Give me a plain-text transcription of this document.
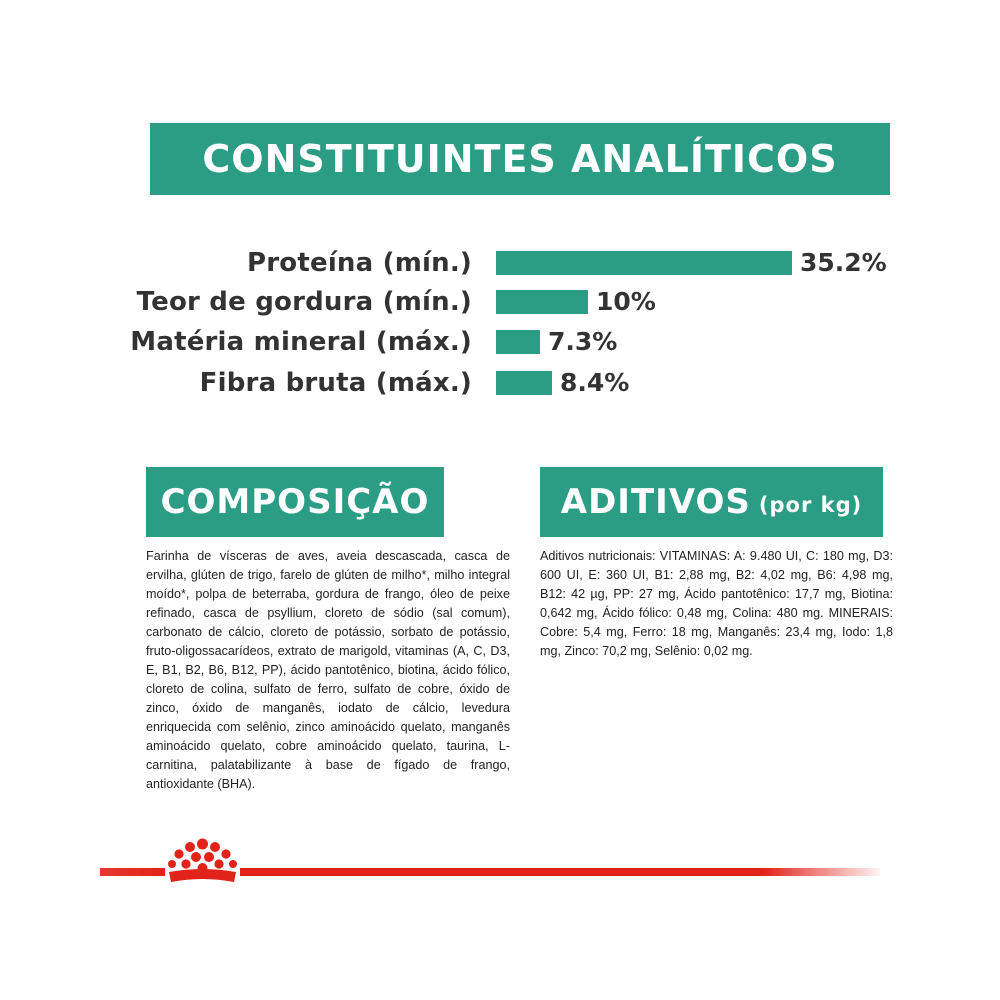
CONSTITUINTES ANALÍTICOS
Proteína (mín.)	35.2%
Teor de gordura (mín.)	10%
Matéria mineral (máx.)	7.3%
Fibra bruta (máx.)	8.4%
COMPOSIÇÃO	ADITIVOS (por kg)
Farinha de vísceras de aves, aveia descascada, casca de ervilha, glúten de trigo, farelo de glúten de milho*, milho integral moído*, polpa de beterraba, gordura de frango, óleo de peixe refinado, casca de psyllium, cloreto de sódio (sal comum), carbonato de cálcio, cloreto de potássio, sorbato de potássio, fruto-oligossacarídeos, extrato de marigold, vitaminas (A, C, D3, E, B1, B2, B6, B12, PP), ácido pantotênico, biotina, ácido fólico, cloreto de colina, sulfato de ferro, sulfato de cobre, óxido de zinco, óxido de manganês, iodato de cálcio, levedura enriquecida com selênio, zinco aminoácido quelato, manganês aminoácido quelato, cobre aminoácido quelato, taurina, L-carnitina, palatabilizante à base de fígado de frango, antioxidante (BHA).
Aditivos nutricionais: VITAMINAS: A: 9.480 UI, C: 180 mg, D3: 600 UI, E: 360 UI, B1: 2,88 mg, B2: 4,02 mg, B6: 4,98 mg, B12: 42 µg, PP: 27 mg, Ácido pantotênico: 17,7 mg, Biotina: 0,642 mg, Ácido fólico: 0,48 mg, Colina: 480 mg. MINERAIS: Cobre: 5,4 mg, Ferro: 18 mg, Manganês: 23,4 mg, Iodo: 1,8 mg, Zinco: 70,2 mg, Selênio: 0,02 mg.
